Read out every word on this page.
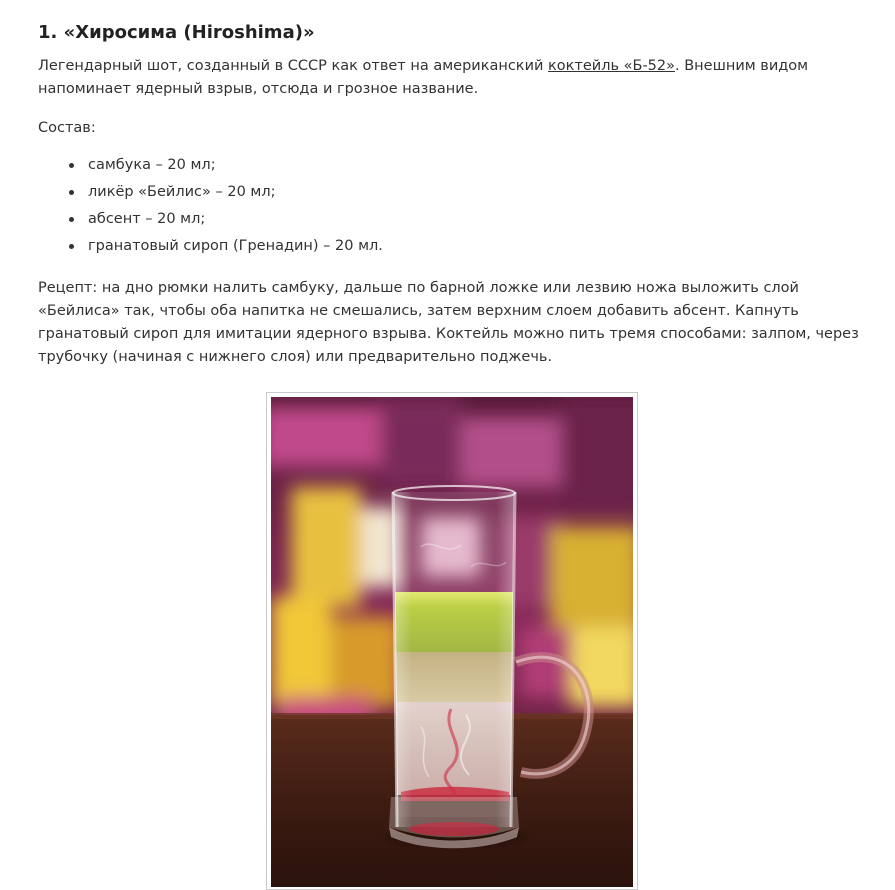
1. «Хиросима (Hiroshima)»

Легендарный шот, созданный в СССР как ответ на американский коктейль «Б-52». Внешним видом напоминает ядерный взрыв, отсюда и грозное название.

Состав:

самбука – 20 мл;
ликёр «Бейлис» – 20 мл;
абсент – 20 мл;
гранатовый сироп (Гренадин) – 20 мл.

Рецепт: на дно рюмки налить самбуку, дальше по барной ложке или лезвию ножа выложить слой «Бейлиса» так, чтобы оба напитка не смешались, затем верхним слоем добавить абсент. Капнуть гранатовый сироп для имитации ядерного взрыва. Коктейль можно пить тремя способами: залпом, через трубочку (начиная с нижнего слоя) или предварительно поджечь.
